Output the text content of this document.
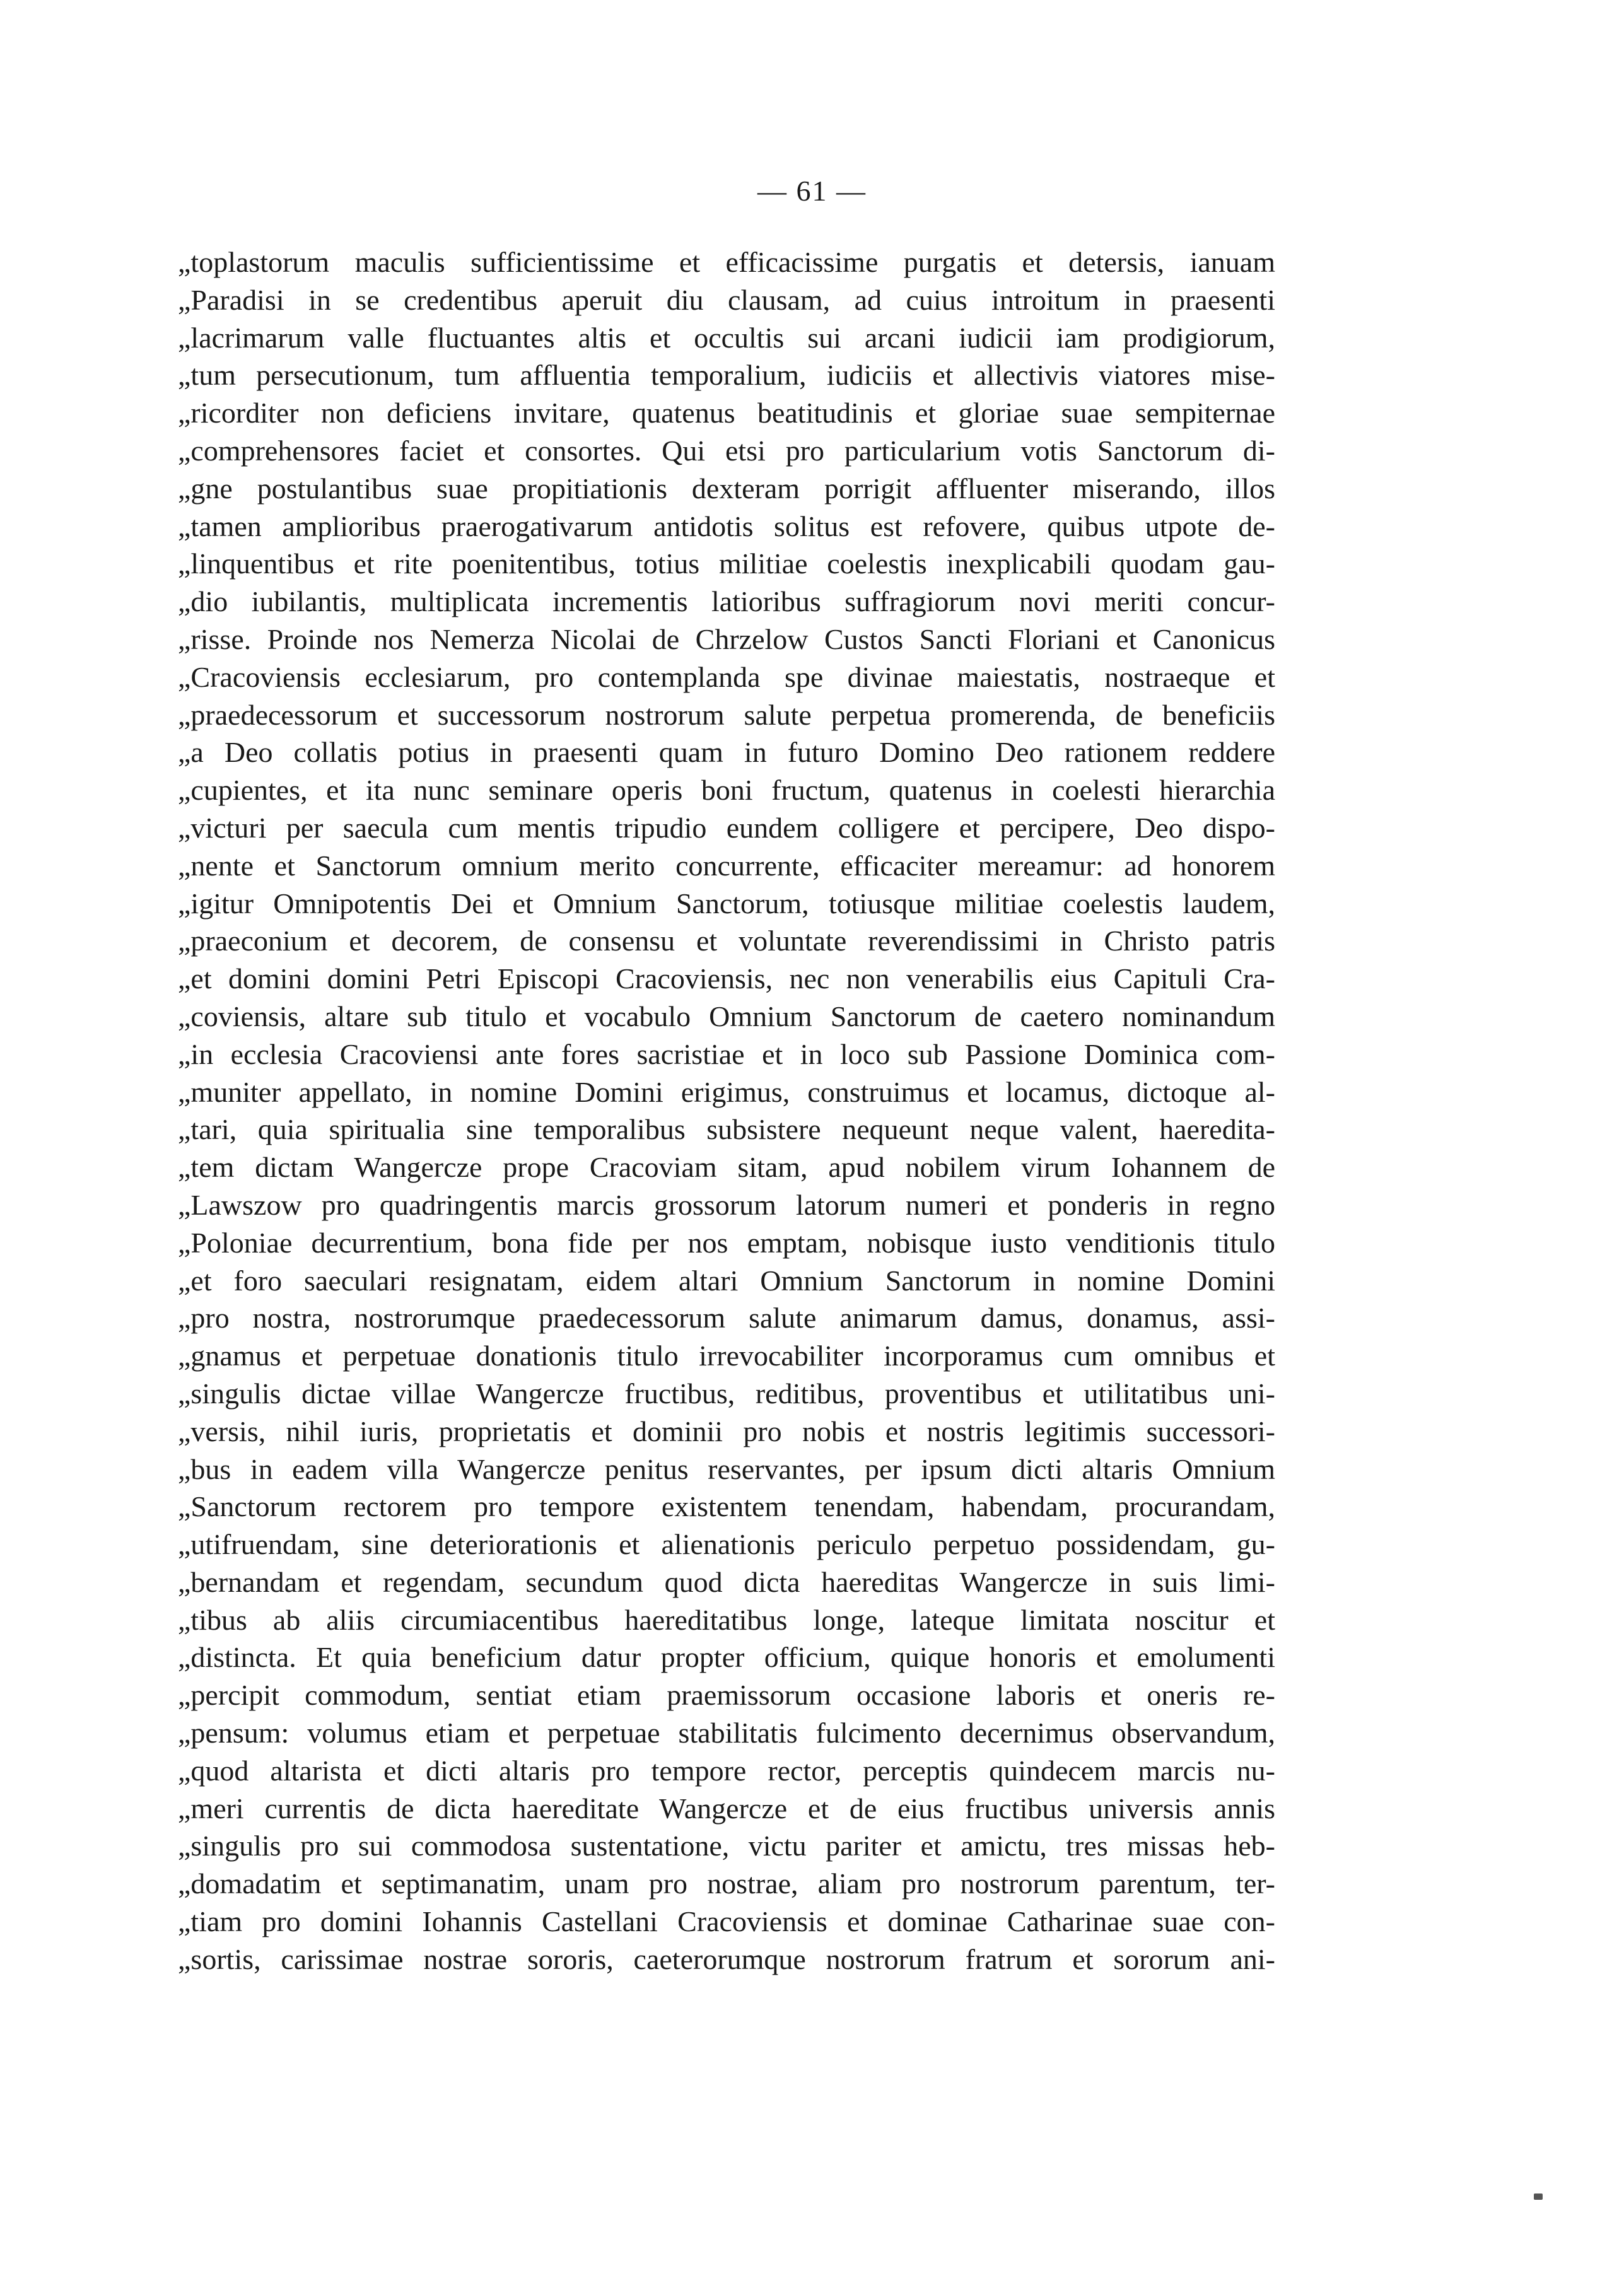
— 61 —
„toplastorum maculis sufficientissime et efficacissime purgatis et detersis, ianuam
„Paradisi in se credentibus aperuit diu clausam, ad cuius introitum in praesenti
„lacrimarum valle fluctuantes altis et occultis sui arcani iudicii iam prodigiorum,
„tum persecutionum, tum affluentia temporalium, iudiciis et allectivis viatores mise-
„ricorditer non deficiens invitare, quatenus beatitudinis et gloriae suae sempiternae
„comprehensores faciet et consortes. Qui etsi pro particularium votis Sanctorum di-
„gne postulantibus suae propitiationis dexteram porrigit affluenter miserando, illos
„tamen amplioribus praerogativarum antidotis solitus est refovere, quibus utpote de-
„linquentibus et rite poenitentibus, totius militiae coelestis inexplicabili quodam gau-
„dio iubilantis, multiplicata incrementis latioribus suffragiorum novi meriti concur-
„risse. Proinde nos Nemerza Nicolai de Chrzelow Custos Sancti Floriani et Canonicus
„Cracoviensis ecclesiarum, pro contemplanda spe divinae maiestatis, nostraeque et
„praedecessorum et successorum nostrorum salute perpetua promerenda, de beneficiis
„a Deo collatis potius in praesenti quam in futuro Domino Deo rationem reddere
„cupientes, et ita nunc seminare operis boni fructum, quatenus in coelesti hierarchia
„victuri per saecula cum mentis tripudio eundem colligere et percipere, Deo dispo-
„nente et Sanctorum omnium merito concurrente, efficaciter mereamur: ad honorem
„igitur Omnipotentis Dei et Omnium Sanctorum, totiusque militiae coelestis laudem,
„praeconium et decorem, de consensu et voluntate reverendissimi in Christo patris
„et domini domini Petri Episcopi Cracoviensis, nec non venerabilis eius Capituli Cra-
„coviensis, altare sub titulo et vocabulo Omnium Sanctorum de caetero nominandum
„in ecclesia Cracoviensi ante fores sacristiae et in loco sub Passione Dominica com-
„muniter appellato, in nomine Domini erigimus, construimus et locamus, dictoque al-
„tari, quia spiritualia sine temporalibus subsistere nequeunt neque valent, haeredita-
„tem dictam Wangercze prope Cracoviam sitam, apud nobilem virum Iohannem de
„Lawszow pro quadringentis marcis grossorum latorum numeri et ponderis in regno
„Poloniae decurrentium, bona fide per nos emptam, nobisque iusto venditionis titulo
„et foro saeculari resignatam, eidem altari Omnium Sanctorum in nomine Domini
„pro nostra, nostrorumque praedecessorum salute animarum damus, donamus, assi-
„gnamus et perpetuae donationis titulo irrevocabiliter incorporamus cum omnibus et
„singulis dictae villae Wangercze fructibus, reditibus, proventibus et utilitatibus uni-
„versis, nihil iuris, proprietatis et dominii pro nobis et nostris legitimis successori-
„bus in eadem villa Wangercze penitus reservantes, per ipsum dicti altaris Omnium
„Sanctorum rectorem pro tempore existentem tenendam, habendam, procurandam,
„utifruendam, sine deteriorationis et alienationis periculo perpetuo possidendam, gu-
„bernandam et regendam, secundum quod dicta haereditas Wangercze in suis limi-
„tibus ab aliis circumiacentibus haereditatibus longe, lateque limitata noscitur et
„distincta. Et quia beneficium datur propter officium, quique honoris et emolumenti
„percipit commodum, sentiat etiam praemissorum occasione laboris et oneris re-
„pensum: volumus etiam et perpetuae stabilitatis fulcimento decernimus observandum,
„quod altarista et dicti altaris pro tempore rector, perceptis quindecem marcis nu-
„meri currentis de dicta haereditate Wangercze et de eius fructibus universis annis
„singulis pro sui commodosa sustentatione, victu pariter et amictu, tres missas heb-
„domadatim et septimanatim, unam pro nostrae, aliam pro nostrorum parentum, ter-
„tiam pro domini Iohannis Castellani Cracoviensis et dominae Catharinae suae con-
„sortis, carissimae nostrae sororis, caeterorumque nostrorum fratrum et sororum ani-
